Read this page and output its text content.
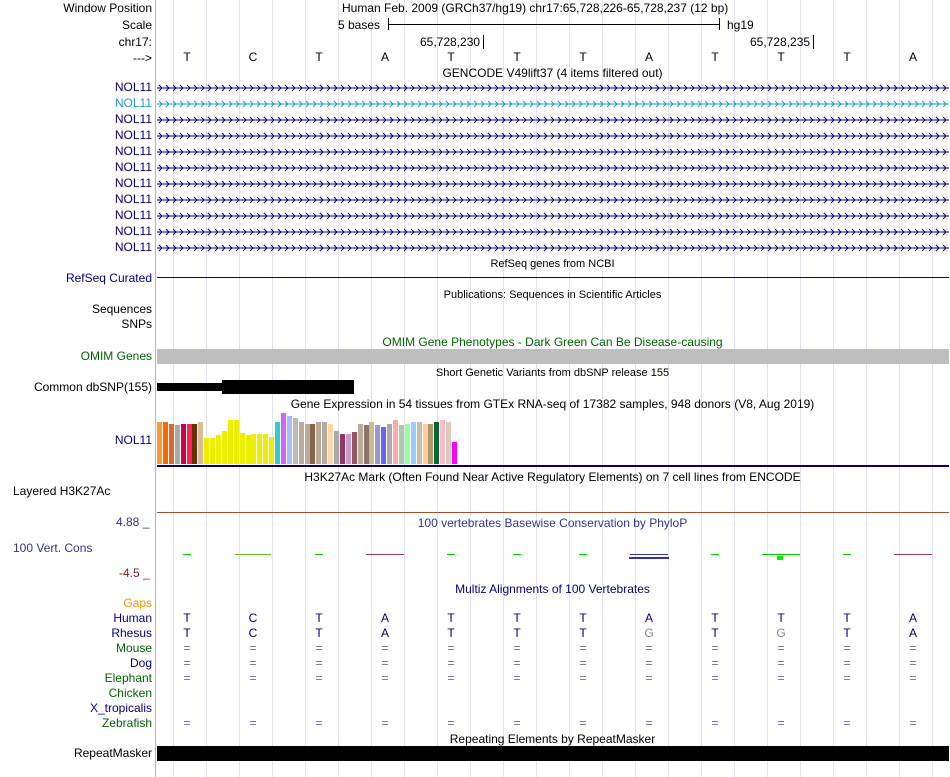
Window Position
Scale
chr17:
--->
Human Feb. 2009 (GRCh37/hg19) chr17:65,728,226-65,728,237 (12 bp)
5 bases	hg19
65,728,230	65,728,235
T	C	T	A	T	T	T	A	T	T	T	A
GENCODE V49lift37 (4 items filtered out)
NOL11
NOL11
NOL11
NOL11
NOL11
NOL11
NOL11
NOL11
NOL11
NOL11
NOL11
RefSeq genes from NCBI
RefSeq Curated
Publications: Sequences in Scientific Articles
Sequences
SNPs
OMIM Gene Phenotypes - Dark Green Can Be Disease-causing
OMIM Genes
Short Genetic Variants from dbSNP release 155
Common dbSNP(155)
Gene Expression in 54 tissues from GTEx RNA-seq of 17382 samples, 948 donors (V8, Aug 2019)
NOL11
H3K27Ac Mark (Often Found Near Active Regulatory Elements) on 7 cell lines from ENCODE
Layered H3K27Ac
100 vertebrates Basewise Conservation by PhyloP
4.88 _
100 Vert. Cons
-4.5 _
Multiz Alignments of 100 Vertebrates
Gaps
Human	T	C	T	A	T	T	T	A	T	T	T	A
Rhesus	T	C	T	A	T	T	T	G	T	G	T	A
Mouse	=	=	=	=	=	=	=	=	=	=	=	=
Dog	=	=	=	=	=	=	=	=	=	=	=	=
Elephant	=	=	=	=	=	=	=	=	=	=	=	=
Chicken
X_tropicalis
Zebrafish	=	=	=	=	=	=	=	=	=	=	=	=
Repeating Elements by RepeatMasker
RepeatMasker
